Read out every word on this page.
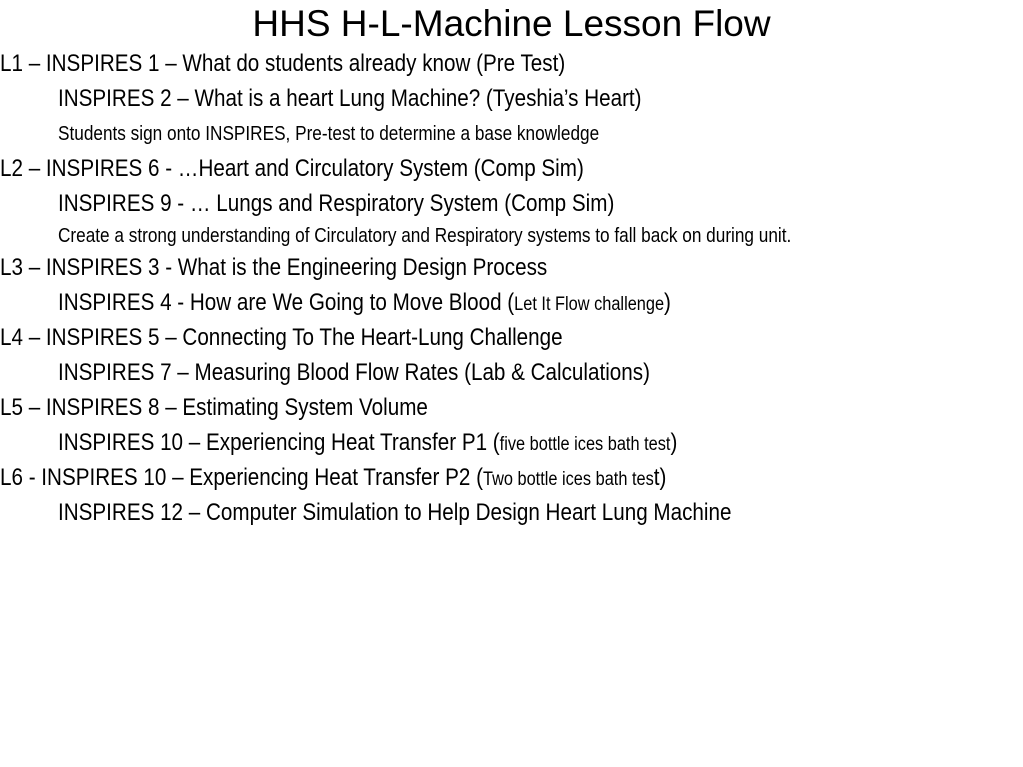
HHS H-L-Machine Lesson Flow
L1 – INSPIRES 1 – What do students already know (Pre Test)
INSPIRES 2 – What is a heart Lung Machine? (Tyeshia’s Heart)
Students sign onto INSPIRES, Pre-test to determine a base knowledge
L2 – INSPIRES 6 - …Heart and Circulatory System (Comp Sim)
INSPIRES 9 - … Lungs and Respiratory System (Comp Sim)
Create a strong understanding of Circulatory and Respiratory systems to fall back on during unit.
L3 – INSPIRES 3 - What is the Engineering Design Process
INSPIRES 4 - How are We Going to Move Blood (Let It Flow challenge)
L4 – INSPIRES 5 – Connecting To The Heart-Lung Challenge
INSPIRES 7 – Measuring Blood Flow Rates (Lab & Calculations)
L5 – INSPIRES 8 – Estimating System Volume
INSPIRES 10 – Experiencing Heat Transfer P1 (five bottle ices bath test)
L6 - INSPIRES 10 – Experiencing Heat Transfer P2 (Two bottle ices bath test)
INSPIRES 12 – Computer Simulation to Help Design Heart Lung Machine
